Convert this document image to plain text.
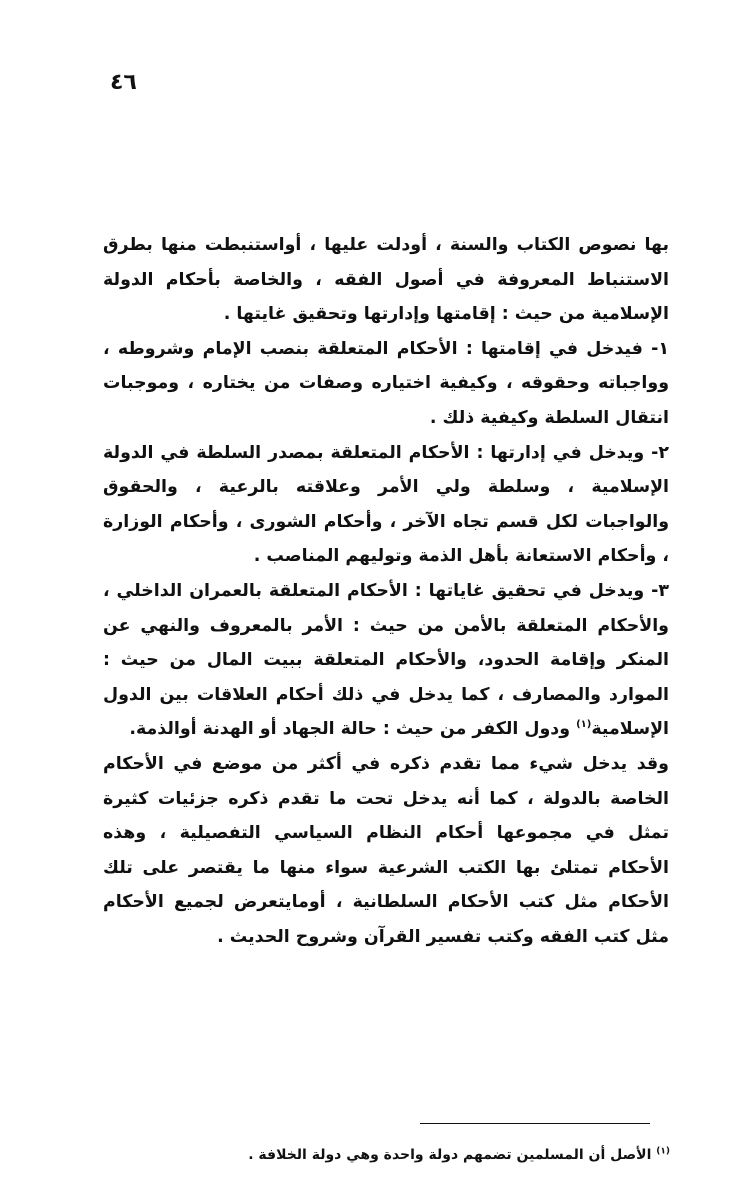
٤٦

بها نصوص الكتاب والسنة ، أودلت عليها ، أواستنبطت منها بطرق الاستنباط المعروفة في أصول الفقه ، والخاصة بأحكام الدولة الإسلامية من حيث : إقامتها وإدارتها وتحقيق غايتها .

١- فيدخل في إقامتها : الأحكام المتعلقة بنصب الإمام وشروطه ، وواجباته وحقوقه ، وكيفية اختياره وصفات من يختاره ، وموجبات انتقال السلطة وكيفية ذلك .

٢- ويدخل في إدارتها : الأحكام المتعلقة بمصدر السلطة في الدولة الإسلامية ، وسلطة ولي الأمر وعلاقته بالرعية ، والحقوق والواجبات لكل قسم تجاه الآخر ، وأحكام الشورى ، وأحكام الوزارة ، وأحكام الاستعانة بأهل الذمة وتوليهم المناصب .

٣- ويدخل في تحقيق غاياتها : الأحكام المتعلقة بالعمران الداخلي ، والأحكام المتعلقة بالأمن من حيث : الأمر بالمعروف والنهي عن المنكر وإقامة الحدود، والأحكام المتعلقة ببيت المال من حيث : الموارد والمصارف ، كما يدخل في ذلك أحكام العلاقات بين الدول الإسلامية$^{(١)}$ ودول الكفر من حيث : حالة الجهاد أو الهدنة أوالذمة.

وقد يدخل شيء مما تقدم ذكره في أكثر من موضع في الأحكام الخاصة بالدولة ، كما أنه يدخل تحت ما تقدم ذكره جزئيات كثيرة تمثل في مجموعها أحكام النظام السياسي التفصيلية ، وهذه الأحكام تمتلئ بها الكتب الشرعية سواء منها ما يقتصر على تلك الأحكام مثل كتب الأحكام السلطانية ، أومايتعرض لجميع الأحكام مثل كتب الفقه وكتب تفسير القرآن وشروح الحديث .

$^{(١)}$ الأصل أن المسلمين تضمهم دولة واحدة وهي دولة الخلافة .
